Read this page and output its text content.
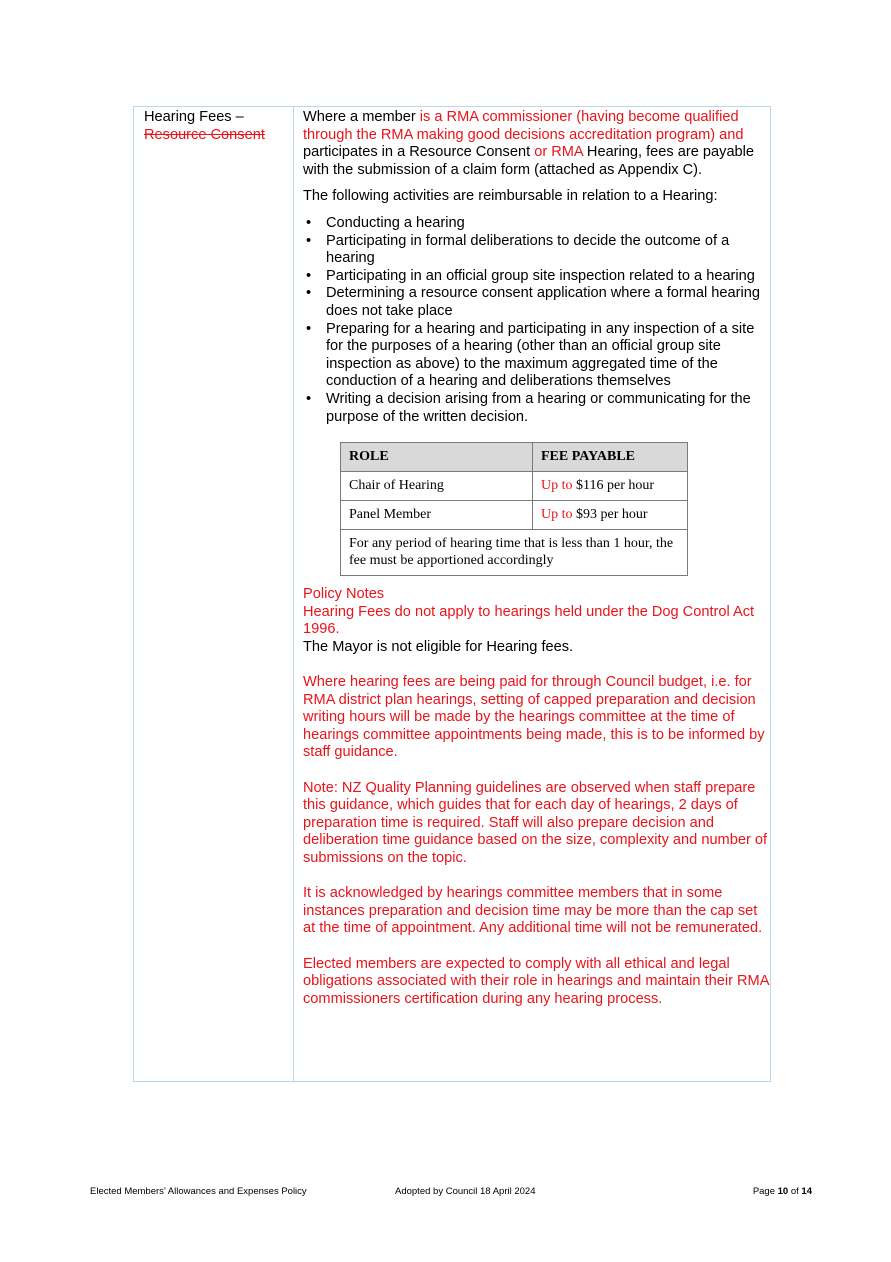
Hearing Fees –
Resource Consent

Where a member is a RMA commissioner (having become qualified through the RMA making good decisions accreditation program) and participates in a Resource Consent or RMA Hearing, fees are payable with the submission of a claim form (attached as Appendix C).

The following activities are reimbursable in relation to a Hearing:

• Conducting a hearing
• Participating in formal deliberations to decide the outcome of a hearing
• Participating in an official group site inspection related to a hearing
• Determining a resource consent application where a formal hearing does not take place
• Preparing for a hearing and participating in any inspection of a site for the purposes of a hearing (other than an official group site inspection as above) to the maximum aggregated time of the conduction of a hearing and deliberations themselves
• Writing a decision arising from a hearing or communicating for the purpose of the written decision.
ROLE	FEE PAYABLE
Chair of Hearing	Up to $116 per hour
Panel Member	Up to $93 per hour
For any period of hearing time that is less than 1 hour, the fee must be apportioned accordingly	

Policy Notes

Hearing Fees do not apply to hearings held under the Dog Control Act 1996.

The Mayor is not eligible for Hearing fees.

Where hearing fees are being paid for through Council budget, i.e. for RMA district plan hearings, setting of capped preparation and decision writing hours will be made by the hearings committee at the time of hearings committee appointments being made, this is to be informed by staff guidance.

Note: NZ Quality Planning guidelines are observed when staff prepare this guidance, which guides that for each day of hearings, 2 days of preparation time is required. Staff will also prepare decision and deliberation time guidance based on the size, complexity and number of submissions on the topic.

It is acknowledged by hearings committee members that in some instances preparation and decision time may be more than the cap set at the time of appointment. Any additional time will not be remunerated.

Elected members are expected to comply with all ethical and legal obligations associated with their role in hearings and maintain their RMA commissioners certification during any hearing process.

Elected Members’ Allowances and Expenses Policy	Adopted by Council 18 April 2024	Page 10 of 14
